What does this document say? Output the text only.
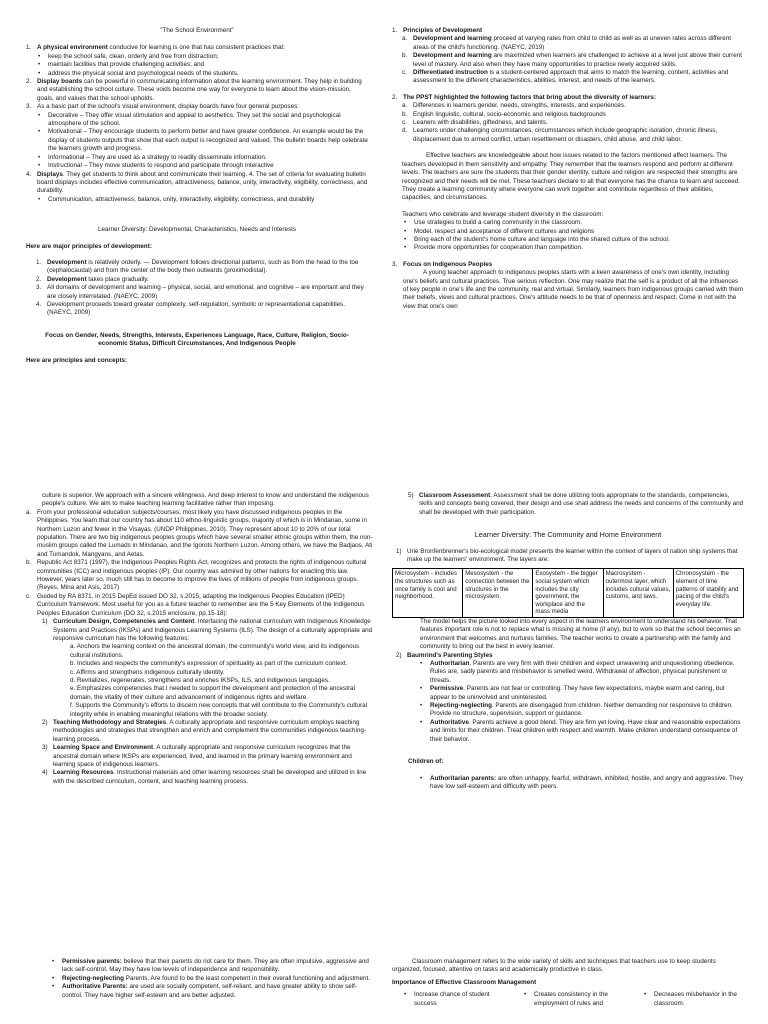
"The School Environment"
1. A physical environment conducive for learning is one that has consistent practices that:
• keep the school safe, clean, orderly and free from distraction;
• maintain facilities that provide challenging activities; and
• address the physical social and psychological needs of the students.
2. Display boards can be powerful in communicating information about the learning environment. They help in building and establishing the school culture. These voids become one way for everyone to learn about the vision-mission, goals, and values that the school upholds.
3. As a basic part of the school's visual environment, display boards have four general purposes:
• Decorative – They offer visual stimulation and appeal to aesthetics. They set the social and psychological atmosphere of the school.
• Motivational – They encourage students to perform better and have greater confidence. An example would be the display of students outputs that show that each output is recognized and valued. The bulletin boards help celebrate the learners growth and progress.
• Informational – They are used as a strategy to readily disseminate information.
• Instructional – They move students to respond and participate through interactive
4. Displays. They get students to think about and communicate their learning. 4. The set of criteria for evaluating bulletin board displays includes effective communication, attractiveness, balance, unity, interactivity, eligibility, correctness, and durability.
• Communication, attractiveness, balance, unity, interactivity, eligibility, correctness, and durability
Learner Diversity: Developmental, Characteristics, Needs and Interests
Here are major principles of development:
1. Development is relatively orderly. — Development follows directional patterns, such as from the head to the toe (cephalocaudal) and from the center of the body then outwards (proximodistal).
2. Development takes place gradually.
3. All domains of development and learning – physical, social, and emotional, and cognitive – are important and they are closely interrelated. (NAEYC, 2009)
4. Development proceeds toward greater complexity, self-regulation, symbolic or representational capabilities. (NAEYC, 2009)
Focus on Gender, Needs, Strengths, Interests, Experiences Language, Race, Culture, Religion, Socio-economic Status, Difficult Circumstances, And Indigenous People
Here are principles and concepts:
1. Principles of Development
a. Development and learning proceed at varying rates from child to child as well as at uneven rates across different areas of the child's functioning. (NAEYC, 2019)
b. Development and learning are maximized when learners are challenged to achieve at a level just above their current level of mastery. And also when they have many opportunities to practice newly acquired skills.
c. Differentiated instruction is a student-centered approach that aims to match the learning, content, activities and assessment to the different characteristics, abilities, interest, and needs of the learners.
2. The PPST highlighted the following factors that bring about the diversity of learners:
a. Differences in learners gender, needs, strengths, interests, and experiences.
b. English linguistic, cultural, socio-economic and religious backgrounds
c. Leaners with disabilities, giftedness, and talents.
d. Learners under challenging circumstances, circumstances which include geographic isolation, chronic illness, displacement due to armed conflict, urban resettlement or disasters, child abuse, and child labor.
Effective teachers are knowledgeable about how issues related to the factors mentioned affect learners. The teachers developed in them sensitivity and empathy. They remember that the learners respond and perform at different levels. The teachers are sure the students that their gender identity, culture and religion are respected their strengths are recognized and their needs will be met. These teachers declare to all that everyone has the chance to learn and succeed. They create a learning community where everyone can work together and contribute regardless of their abilities, capacities, and circumstances.
Teachers who celebrate and leverage student diversity in the classroom:
• Use strategies to build a caring community in the classroom.
• Model, respect and acceptance of different cultures and religions
• Bring each of the student's home culture and language into the shared culture of the school.
• Provide more opportunities for cooperation than competition.
3. Focus on Indigenous Peoples
A young teacher approach to indigenous peoples starts with a keen awareness of one's own identity, including one's beliefs and cultural practices. True serious reflection. One may realize that the self is a product of all the influences of key people in one's life and the community, real and virtual. Similarly, learners from indigenous groups carried with them their beliefs, views and cultural practices. One's attitude needs to be that of openness and respect. Come in not with the view that one's own
culture is superior. We approach with a sincere willingness. And deep interest to know and understand the indigenous people's culture. We aim to make teaching learning facilitative rather than imposing.
a. From your professional education subjects/courses, most likely you have discussed indigenous peoples in the Philippines. You learn that our country has about 110 ethno-linguistic groups, majority of which is in Mindanao, some in Northern Luzon and fewer in the Visayas. (UNDP Philippines, 2010). They represent about 10 to 20% of our total population. There are two big indigenous peoples groups which have several smaller ethnic groups within them, the non-muslim groups called the Lumads in Mindanao, and the Igorots Northern Luzon. Among others, we have the Badjaos, Ati and Tumandok, Mangyans, and Aetas.
b. Republic Act 8371 (1997), the Indigenous Peoples Rights Act, recognizes and protects the rights of indigenous cultural communities (ICC) and indigenous peoples (IP). Our country was admired by other nations for enacting this law. However, years later so, much still has to become to improve the lives of millions of people from indigenous groups. (Reyes, Mina and Asis, 2017)
c. Guided by RA 8371, in 2015 DepEd issued DO 32, s.2015, adapting the Indigenous Peoples Education (IPED) Curriculum framework. Most useful for you as a future teacher to remember are the 5 Key Elements of the Indigenous Peoples Education Curriculum (DO 32, s.2015 enclosure, pp.15-18):
1) Curriculum Design, Competencies and Content. Interfacing the national curriculum with Indigenous Knowledge Systems and Practices (IKSPs) and Indigenous Learning Systems (ILS). The design of a culturally appropriate and responsive curriculum has the following features:
a. Anchors the learning context on the ancestral domain, the community's world view, and its indigenous cultural institutions.
b. Includes and respects the community's expression of spirituality as part of the curriculum context.
c. Affirms and strengthens indigenous culturally identity.
d. Revitalizes, regenerates, strengthens and enriches IKSPs, ILS, and indigenous languages.
e. Emphasizes competencies that I needed to support the development and protection of the ancestral domain, the vitality of their culture and advancement of indigenous rights and welfare.
f. Supports the Community's efforts to discern new concepts that will contribute to the Community's cultural integrity while in enabling meaningful relations with the broader society.
2) Teaching Methodology and Strategies. A culturally appropriate and responsive curriculum employs teaching methodologies and strategies that strengthen and enrich and complement the communities indigenous teaching-learning process.
3) Learning Space and Environment. A culturally appropriate and responsive curriculum recognizes that the ancestral domain where IKSPs are experienced, lived, and learned in the primary learning environment and learning space of indigenous learners.
4) Learning Resources. Instructional materials and other learning resources shall be developed and utilized in line with the described curriculum, content, and teaching learning process.
5) Classroom Assessment. Assessment shall be done utilizing tools appropriate to the standards, competencies, skills and concepts being covered, their design and use shall address the needs and concerns of the community and shall be developed with their participation.
Learner Diversity: The Community and Home Environment
1) Urie Bronfenbrenner's bio-ecological model presents the learner within the context of layers of nation ship systems that make up the learners' environment. The layers are:
Microsystem - includes the structures such as once family is cool and neighborhood.	Mesosystem - the connection between the structures in the microsystem.	Exosystem - the bigger social system which includes the city government, the workplace and the mass media	Macrosystem - outermost layer, which includes cultural values, customs, and laws.	Chronosystem - the element of time patterns of stability and pacing of the child's everyday life.
The model helps the picture looked into every aspect in the learners environment to understand his behavior. That features important role is not to replace what is missing at home (if any), but to work so that the school becomes an environment that welcomes and nurtures families. The teacher works to create a partnership with the family and community to bring out the best in every learner.
2) Baumrind's Parenting Styles
• Authoritarian. Parents are very firm with their children and expect unwavering and unquestioning obedience. Rules are, sadly parents and misbehavior is smelled weird. Withdrawal of affection, physical punishment or threats.
• Permissive. Parents are not fear or controlling. They have few expectations, maybe warm and caring, but appear to be uninvolved and uninterested.
• Rejecting-neglecting. Parents are disengaged from children. Neither demanding nor responsive to children. Provide no structure, supervision, support or guidance.
• Authoritative. Parents achieve a good blend. They are firm yet loving. Have clear and reasonable expectations and limits for their children. Treat children with respect and warmth. Make children understand consequence of their behavior.
Children of:
• Authoritarian parents: are often unhappy, fearful, withdrawn, inhibited, hostile, and angry and aggressive. They have low self-esteem and difficulty with peers.
• Permissive parents: believe that their parents do not care for them. They are often impulsive, aggressive and lack self-control. May they have low levels of independence and responsibility.
• Rejecting-neglecting Parents. Are found to be the least competent in their overall functioning and adjustment.
• Authoritative Parents: are used are socially competent, self-reliant, and have greater ability to show self-control. They have higher self-esteem and are better adjusted.
Classroom management refers to the wide variety of skills and techniques that teachers use to keep students organized, focused, attentive on tasks and academically productive in class.
Importance of Effective Classroom Management
• Increase chance of student success
• Creates consistency in the employment of rules and
• Decreases misbehavior in the classroom.
